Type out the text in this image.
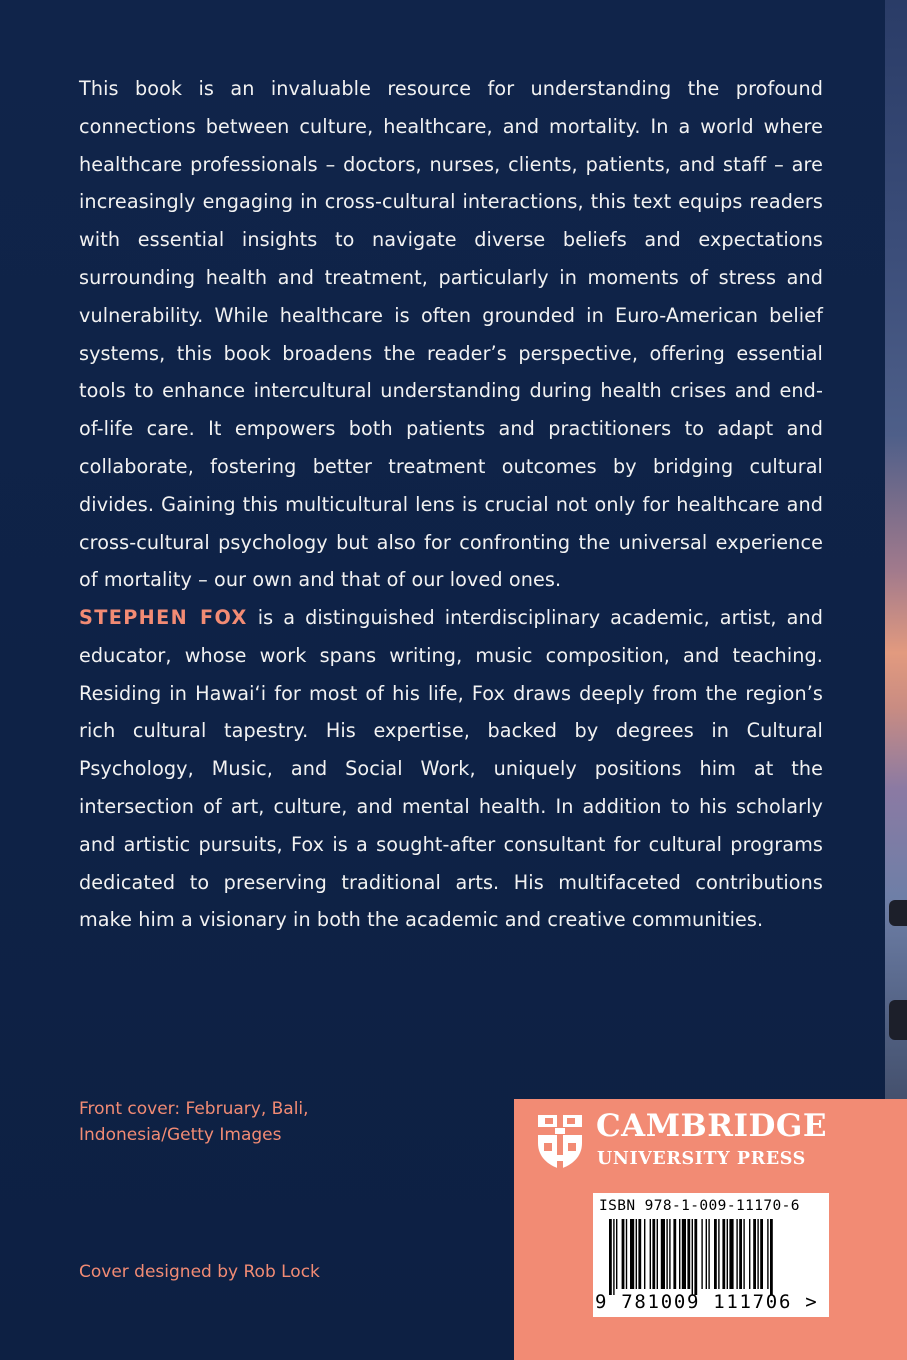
This book is an invaluable resource for understanding the profound connections between culture, healthcare, and mortality. In a world where healthcare professionals – doctors, nurses, clients, patients, and staff – are increasingly engaging in cross-cultural interactions, this text equips readers with essential insights to navigate diverse beliefs and expectations surrounding health and treatment, particularly in moments of stress and vulnerability. While healthcare is often grounded in Euro-American belief systems, this book broadens the reader’s perspective, offering essential tools to enhance intercultural understanding during health crises and end-of-life care. It empowers both patients and practitioners to adapt and collaborate, fostering better treatment outcomes by bridging cultural divides. Gaining this multicultural lens is crucial not only for healthcare and cross-cultural psychology but also for confronting the universal experience of mortality – our own and that of our loved ones.

STEPHEN FOX is a distinguished interdisciplinary academic, artist, and educator, whose work spans writing, music composition, and teaching. Residing in Hawai‘i for most of his life, Fox draws deeply from the region’s rich cultural tapestry. His expertise, backed by degrees in Cultural Psychology, Music, and Social Work, uniquely positions him at the intersection of art, culture, and mental health. In addition to his scholarly and artistic pursuits, Fox is a sought-after consultant for cultural programs dedicated to preserving traditional arts. His multifaceted contributions make him a visionary in both the academic and creative communities.

Front cover: February, Bali, Indonesia/Getty Images
Cover designed by Rob Lock
CAMBRIDGE
UNIVERSITY PRESS
ISBN 978-1-009-11170-6
9 781009 111706 >
